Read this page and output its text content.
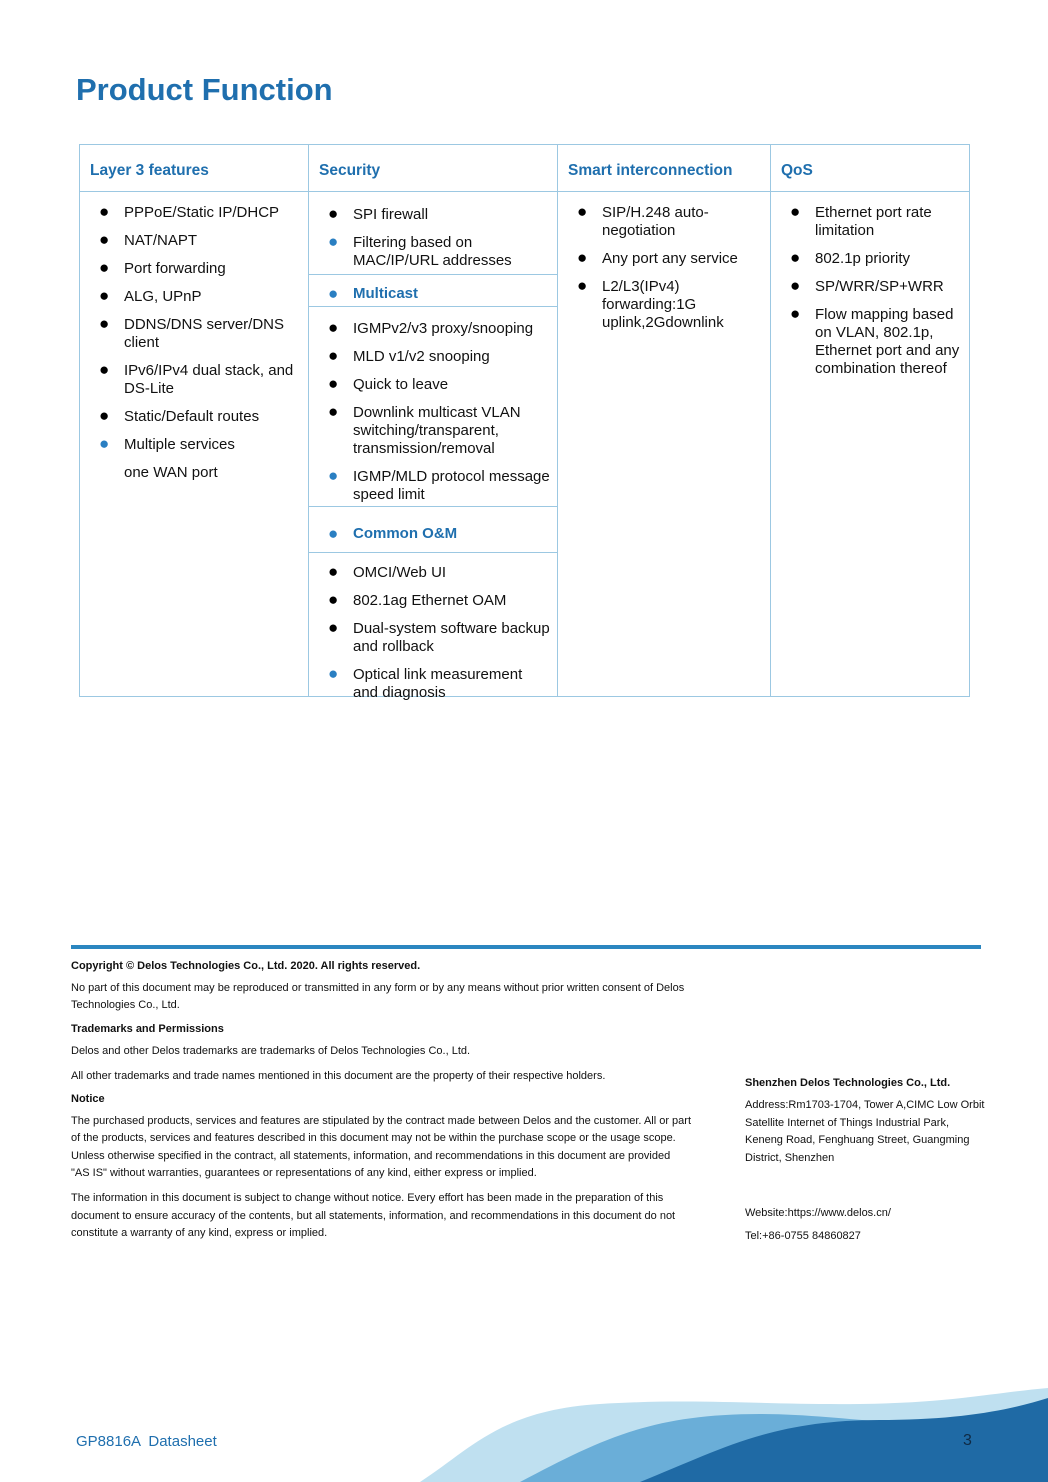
Product Function
Layer 3 features
● PPPoE/Static IP/DHCP
● NAT/NAPT
● Port forwarding
● ALG, UPnP
● DDNS/DNS server/DNS client
● IPv6/IPv4 dual stack, and DS-Lite
● Static/Default routes
● Multiple services
one WAN port
Security
● SPI firewall
● Filtering based on MAC/IP/URL addresses
● Multicast
● IGMPv2/v3 proxy/snooping
● MLD v1/v2 snooping
● Quick to leave
● Downlink multicast VLAN switching/transparent, transmission/removal
● IGMP/MLD protocol message speed limit
● Common O&M
● OMCI/Web UI
● 802.1ag Ethernet OAM
● Dual-system software backup and rollback
● Optical link measurement and diagnosis
Smart interconnection
● SIP/H.248 auto-negotiation
● Any port any service
● L2/L3(IPv4) forwarding:1G uplink,2Gdownlink
QoS
● Ethernet port rate limitation
● 802.1p priority
● SP/WRR/SP+WRR
● Flow mapping based on VLAN, 802.1p, Ethernet port and any combination thereof
Copyright © Delos Technologies Co., Ltd. 2020. All rights reserved.

No part of this document may be reproduced or transmitted in any form or by any means without prior written consent of Delos Technologies Co., Ltd.

Trademarks and Permissions

Delos and other Delos trademarks are trademarks of Delos Technologies Co., Ltd.

All other trademarks and trade names mentioned in this document are the property of their respective holders.

Notice

The purchased products, services and features are stipulated by the contract made between Delos and the customer. All or part of the products, services and features described in this document may not be within the purchase scope or the usage scope. Unless otherwise specified in the contract, all statements, information, and recommendations in this document are provided "AS IS" without warranties, guarantees or representations of any kind, either express or implied.

The information in this document is subject to change without notice. Every effort has been made in the preparation of this document to ensure accuracy of the contents, but all statements, information, and recommendations in this document do not constitute a warranty of any kind, express or implied.

Shenzhen Delos Technologies Co., Ltd.

Address:Rm1703-1704, Tower A,CIMC Low Orbit Satellite Internet of Things Industrial Park, Keneng Road, Fenghuang Street, Guangming District, Shenzhen

Website:https://www.delos.cn/

Tel:+86-0755 84860827

GP8816A Datasheet	3
